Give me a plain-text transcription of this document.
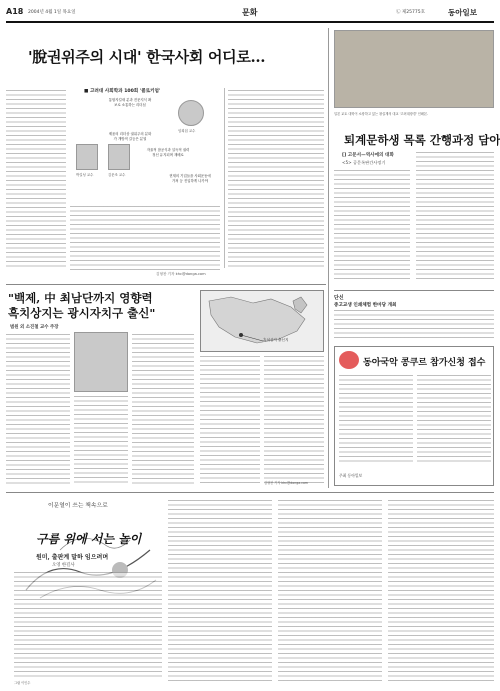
A18 2004년 4월 1일 목요일	문화	㉡ 제25775호	동아일보
'脫권위주의 시대' 한국사회 어디로…
■ 고려대 사회학과 100회 '콜로키엄'
박길성 교수	김문조 교수
통합지킬새 분과 전문지식 확보로 소통하는 리더십
제움의 리더상 권위주의 분화가 개방적 갈등은 분열
임희섭 교수
자율적 참공식과 설득적 권력정신 유지되며 재배로
현재의 기업들을 사회운동에 가져 등 진입하게 나가야
김형찬 기자 khc@donga.com
일본 교토 대학이 소장하고 있는 왕실계의 대교 '고려대장경' 인쇄본.
퇴계문하생 목록 간행과정 담아
[] 고문서—역사에의 대화
<5> 공문록판간사정기
"백제, 中 최남단까지 영향력
흑치상지는 광시자치구 출신"
범원 외 소진철 교수 주장
흑치상지 출신지
김형찬 기자 khc@donga.com
단신
중고교생 인쇄체험 한마당 개최
동아국악 콩쿠르 참가신청 접수
주최 동아일보
이문열이 쓰는 책속으로
구름 위에 서는 놀이
원미, 출판계 말하 임으려며
오영 한길사
그림 이인수
